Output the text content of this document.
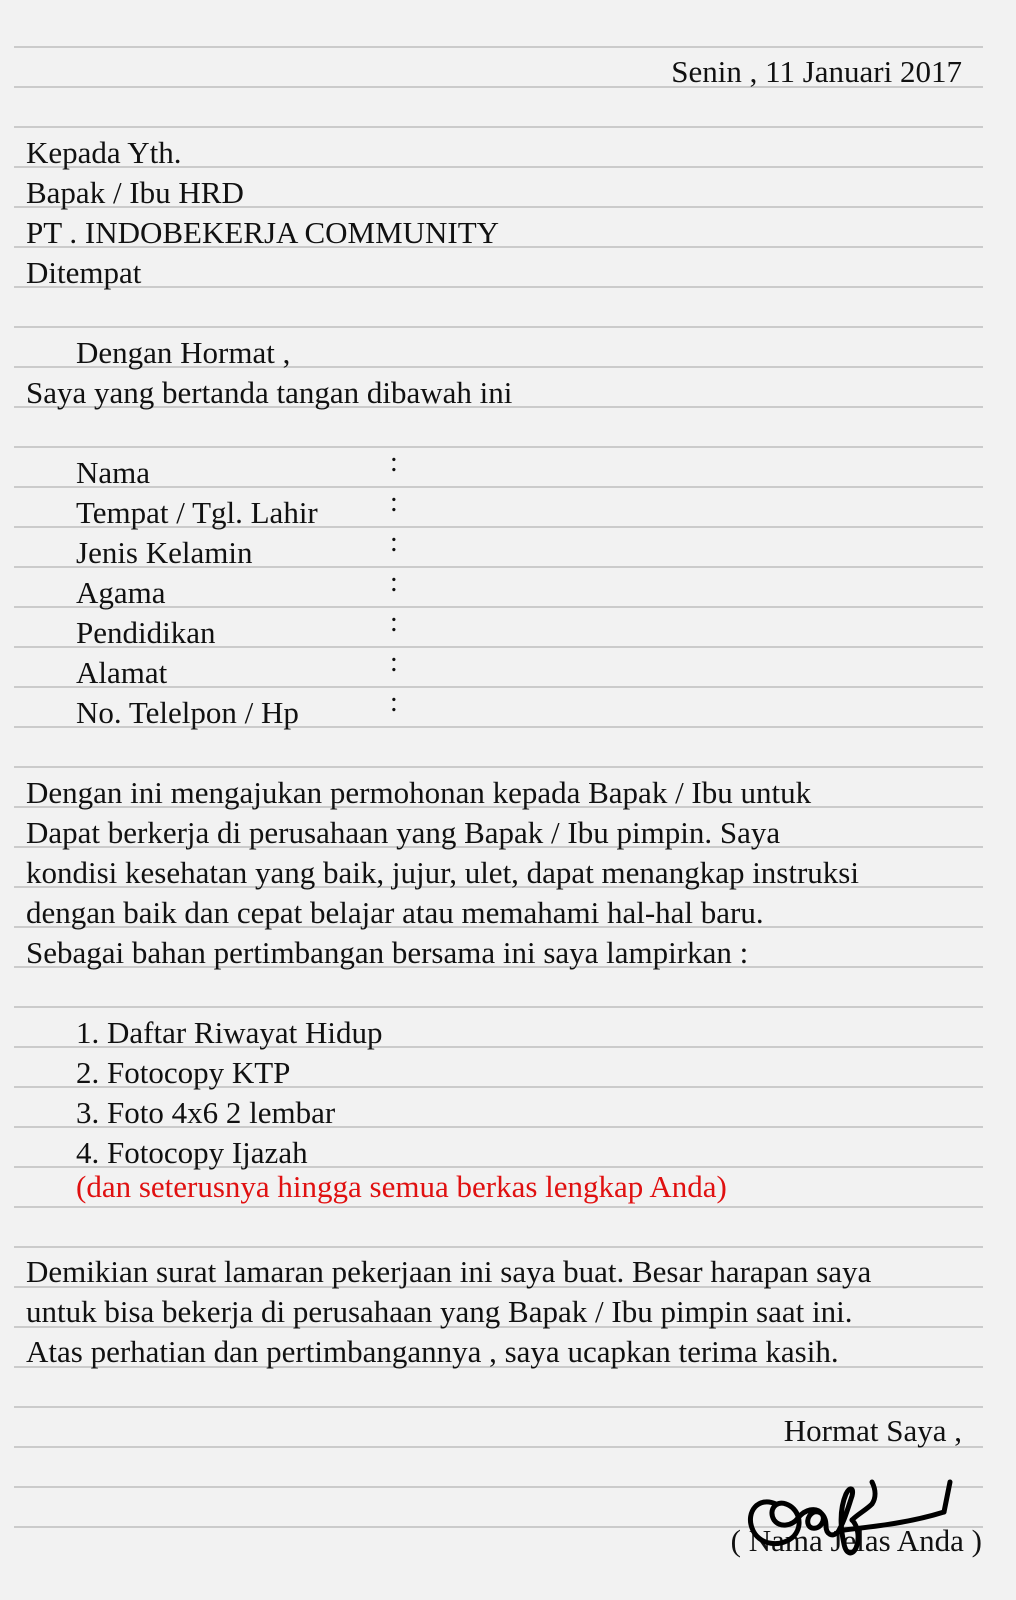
Senin , 11 Januari 2017
Kepada Yth.
Bapak / Ibu HRD
PT . INDOBEKERJA COMMUNITY
Ditempat
Dengan Hormat ,
Saya yang bertanda tangan dibawah ini
Nama	:
Tempat / Tgl. Lahir	:
Jenis Kelamin	:
Agama	:
Pendidikan	:
Alamat	:
No. Telelpon / Hp	:
Dengan ini mengajukan permohonan kepada Bapak / Ibu untuk
Dapat berkerja di perusahaan yang Bapak / Ibu pimpin. Saya
kondisi kesehatan yang baik, jujur, ulet, dapat menangkap instruksi
dengan baik dan cepat belajar atau memahami hal-hal baru.
Sebagai bahan pertimbangan bersama ini saya lampirkan :
1. Daftar Riwayat Hidup
2. Fotocopy KTP
3. Foto 4x6 2 lembar
4. Fotocopy Ijazah
(dan seterusnya hingga semua berkas lengkap Anda)
Demikian surat lamaran pekerjaan ini saya buat. Besar harapan saya
untuk bisa bekerja di perusahaan yang Bapak / Ibu pimpin saat ini.
Atas perhatian dan pertimbangannya , saya ucapkan terima kasih.
Hormat Saya ,
( Nama Jelas Anda )
